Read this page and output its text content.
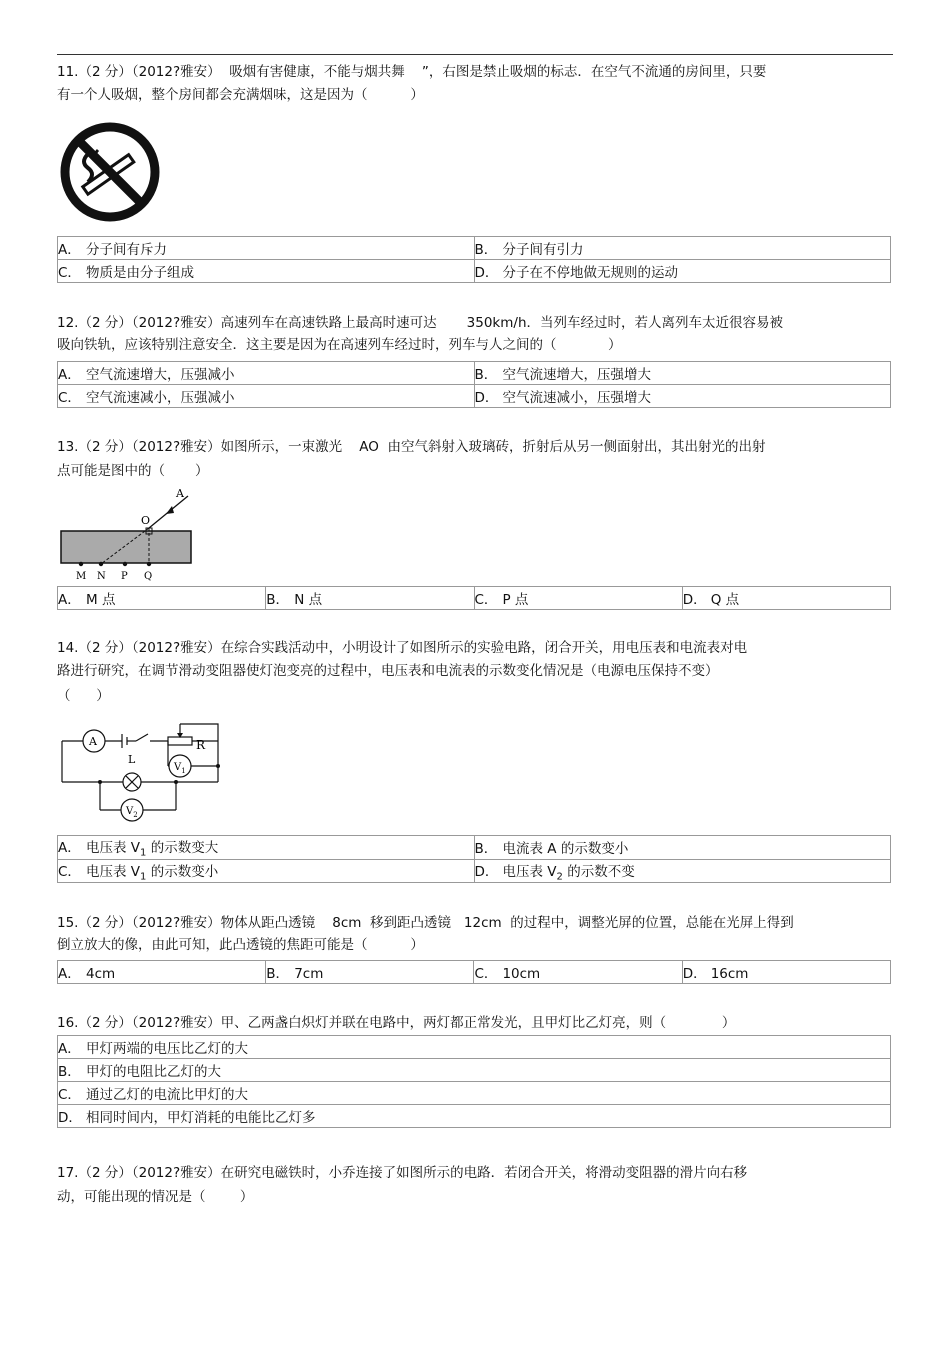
11.（2 分）（2012?雅安）  吸烟有害健康，不能与烟共舞    ”，右图是禁止吸烟的标志．在空气不流通的房间里，只要
有一个人吸烟，整个房间都会充满烟味，这是因为（          ）
A． 分子间有斥力	B． 分子间有引力
C． 物质是由分子组成	D． 分子在不停地做无规则的运动
12.（2 分）（2012?雅安）高速列车在高速铁路上最高时速可达       350km/h．当列车经过时，若人离列车太近很容易被
吸向铁轨，应该特别注意安全．这主要是因为在高速列车经过时，列车与人之间的（            ）
A． 空气流速增大，压强减小	B． 空气流速增大，压强增大
C． 空气流速减小，压强减小	D． 空气流速减小，压强增大
13.（2 分）（2012?雅安）如图所示，一束激光    AO  由空气斜射入玻璃砖，折射后从另一侧面射出，其出射光的出射
点可能是图中的（       ）
A
O
M N P Q
A． M 点	B． N 点	C． P 点	D． Q 点
14.（2 分）（2012?雅安）在综合实践活动中，小明设计了如图所示的实验电路，闭合开关，用电压表和电流表对电
路进行研究，在调节滑动变阻器使灯泡变亮的过程中，电压表和电流表的示数变化情况是（电源电压保持不变）
（      ）
A	R
L
$V_1$
$V_2$
A． 电压表 $V_1$ 的示数变大	B． 电流表 A 的示数变小
C． 电压表 $V_1$ 的示数变小	D． 电压表 $V_2$ 的示数不变
15.（2 分）（2012?雅安）物体从距凸透镜    8cm  移到距凸透镜   12cm  的过程中，调整光屏的位置，总能在光屏上得到
倒立放大的像，由此可知，此凸透镜的焦距可能是（          ）
A． 4cm	B． 7cm	C． 10cm	D． 16cm
16.（2 分）（2012?雅安）甲、乙两盏白炽灯并联在电路中，两灯都正常发光，且甲灯比乙灯亮，则（             ）
A． 甲灯两端的电压比乙灯的大
B． 甲灯的电阻比乙灯的大
C． 通过乙灯的电流比甲灯的大
D． 相同时间内，甲灯消耗的电能比乙灯多
17.（2 分）（2012?雅安）在研究电磁铁时，小乔连接了如图所示的电路．若闭合开关，将滑动变阻器的滑片向右移
动，可能出现的情况是（        ）
